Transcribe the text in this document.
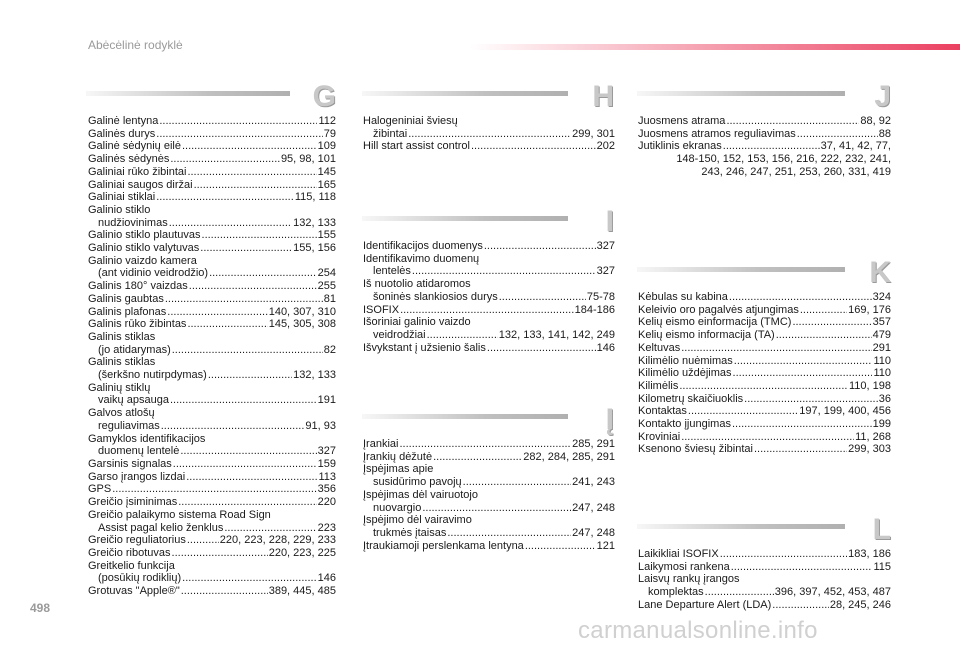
Abėcėlinė rodyklė
G
Galinė lentyna .....	112
Galinės durys .....	79
Galinė sėdynių eilė .....	109
Galinės sėdynės .....	95, 98, 101
Galiniai rūko žibintai .....	145
Galiniai saugos diržai .....	165
Galiniai stiklai .....	115, 118
Galinio stiklo
nudžiovinimas .....	132, 133
Galinio stiklo plautuvas .....	155
Galinio stiklo valytuvas .....	155, 156
Galinio vaizdo kamera
(ant vidinio veidrodžio) .....	254
Galinis 180° vaizdas .....	255
Galinis gaubtas .....	81
Galinis plafonas .....	140, 307, 310
Galinis rūko žibintas .....	145, 305, 308
Galinis stiklas
(jo atidarymas) .....	82
Galinis stiklas
(šerkšno nutirpdymas) .....	132, 133
Galinių stiklų
vaikų apsauga .....	191
Galvos atlošų
reguliavimas .....	91, 93
Gamyklos identifikacijos
duomenų lentelė .....	327
Garsinis signalas .....	159
Garso įrangos lizdai .....	113
GPS .....	356
Greičio įsiminimas .....	220
Greičio palaikymo sistema Road Sign
Assist pagal kelio ženklus .....	223
Greičio reguliatorius .....	220, 223, 228, 229, 233
Greičio ribotuvas .....	220, 223, 225
Greitkelio funkcija
(posūkių rodiklių) .....	146
Grotuvas "Apple®" .....	389, 445, 485
H
Halogeniniai šviesų
žibintai .....	299, 301
Hill start assist control .....	202
I
Identifikacijos duomenys .....	327
Identifikavimo duomenų
lentelės .....	327
Iš nuotolio atidaromos
šoninės slankiosios durys .....	75-78
ISOFIX .....	184-186
Išoriniai galinio vaizdo
veidrodžiai .....	132, 133, 141, 142, 249
Išvykstant į užsienio šalis .....	146
Į
Įrankiai .....	285, 291
Įrankių dėžutė .....	282, 284, 285, 291
Įspėjimas apie
susidūrimo pavojų .....	241, 243
Įspėjimas dėl vairuotojo
nuovargio .....	247, 248
Įspėjimo dėl vairavimo
trukmės įtaisas .....	247, 248
Įtraukiamoji perslenkama lentyna .....	121
J
Juosmens atrama .....	88, 92
Juosmens atramos reguliavimas .....	88
Jutiklinis ekranas .....	37, 41, 42, 77,
148-150, 152, 153, 156, 216, 222, 232, 241,
243, 246, 247, 251, 253, 260, 331, 419
K
Kėbulas su kabina .....	324
Keleivio oro pagalvės atjungimas .....	169, 176
Kelių eismo einformacija (TMC) .....	357
Kelių eismo informacija (TA) .....	479
Keltuvas .....	291
Kilimėlio nuėmimas .....	110
Kilimėlio uždėjimas .....	110
Kilimėlis .....	110, 198
Kilometrų skaičiuoklis .....	36
Kontaktas .....	197, 199, 400, 456
Kontakto įjungimas .....	199
Kroviniai .....	11, 268
Ksenono šviesų žibintai .....	299, 303
L
Laikikliai ISOFIX .....	183, 186
Laikymosi rankena .....	115
Laisvų rankų įrangos
komplektas .....	396, 397, 452, 453, 487
Lane Departure Alert (LDA) .....	28, 245, 246
498
carmanualsonline.info
